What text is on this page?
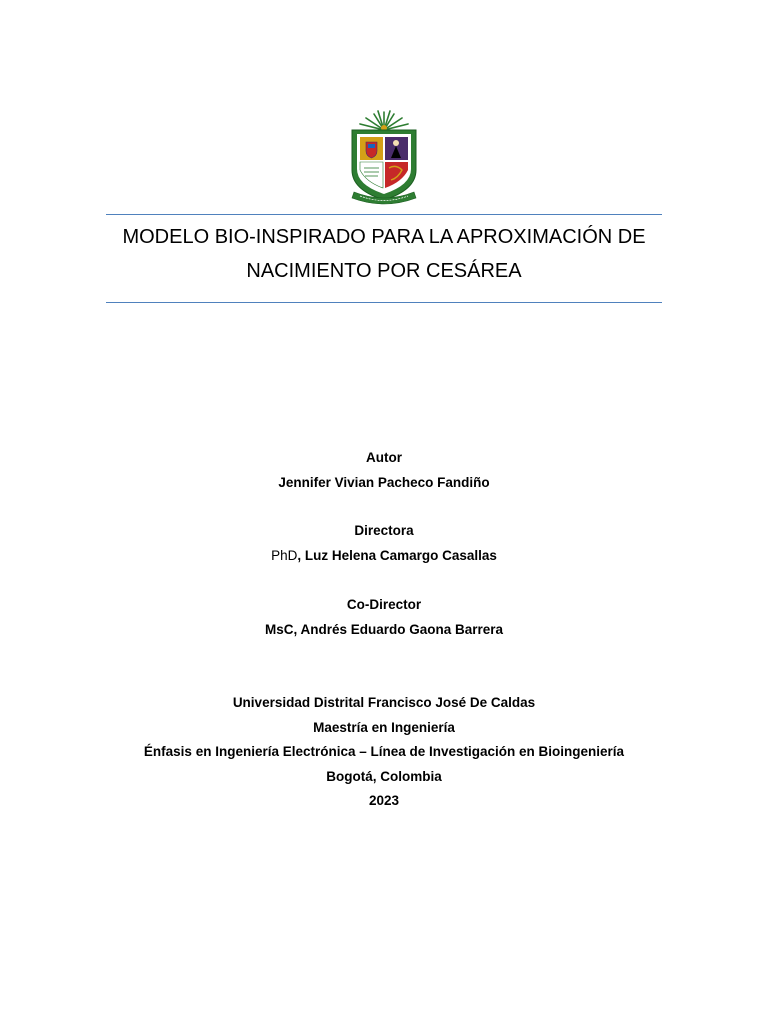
MODELO BIO-INSPIRADO PARA LA APROXIMACIÓN DE
NACIMIENTO POR CESÁREA
Autor
Jennifer Vivian Pacheco Fandiño
Directora
PhD, Luz Helena Camargo Casallas
Co-Director
MsC, Andrés Eduardo Gaona Barrera
Universidad Distrital Francisco José De Caldas
Maestría en Ingeniería
Énfasis en Ingeniería Electrónica – Línea de Investigación en Bioingeniería
Bogotá, Colombia
2023
